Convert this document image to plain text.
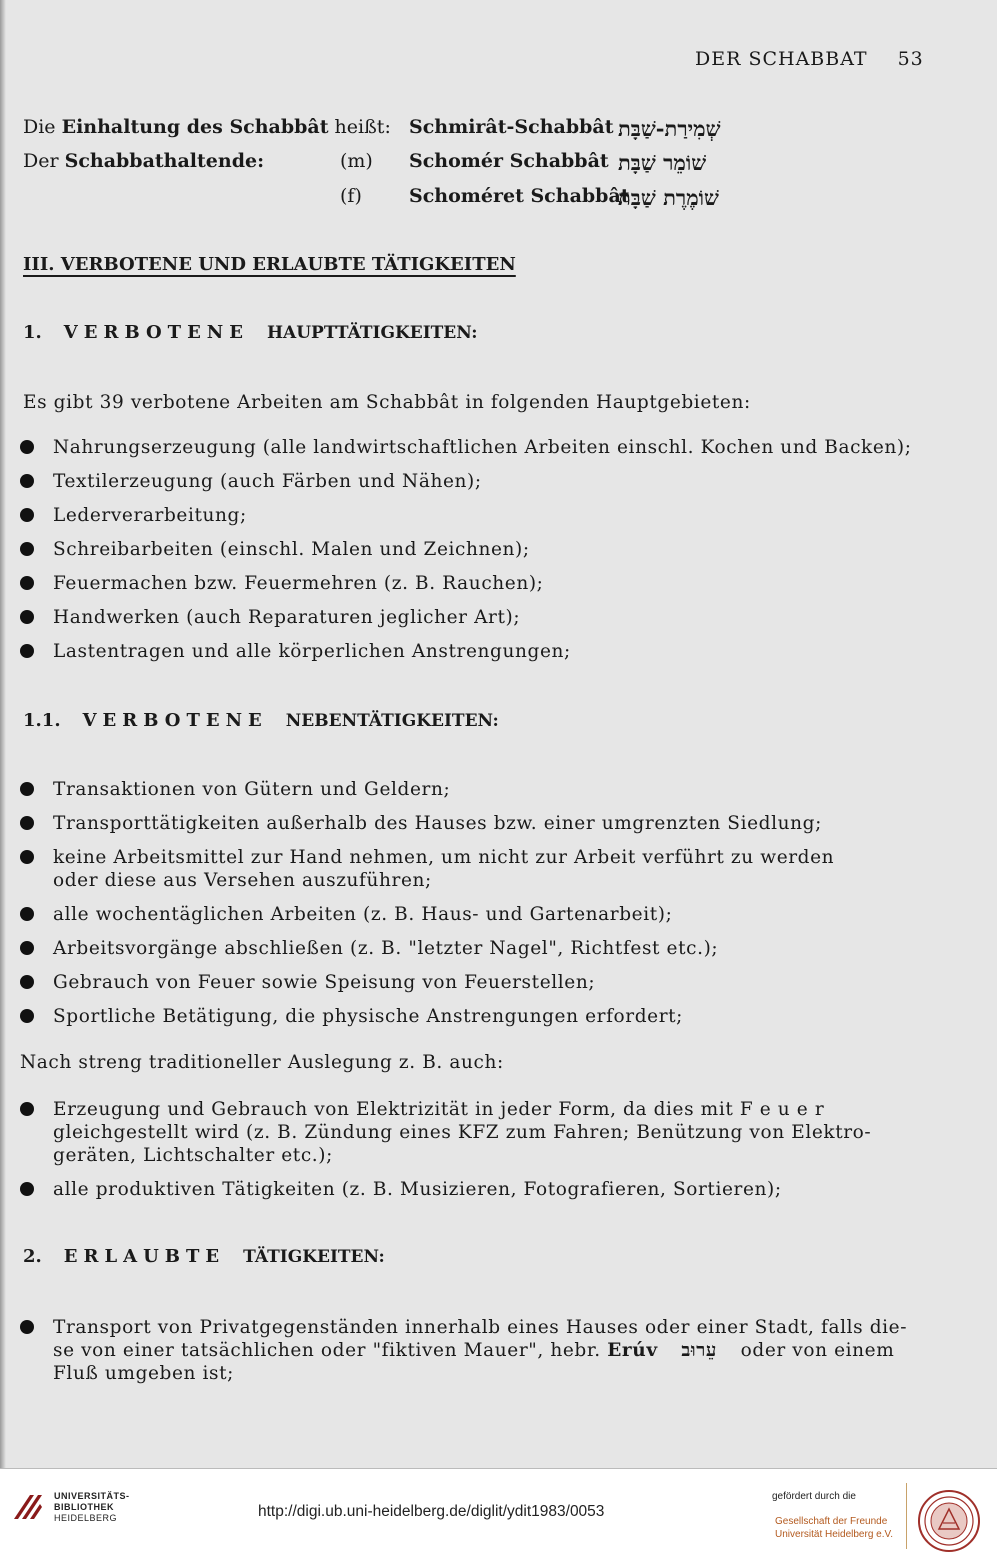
DER SCHABBAT 53
Die Einhaltung des Schabbât heißt: Schmirât-Schabbât שְׁמִירַת-שַׁבָּת
Der Schabbathaltende:	(m) Schomér Schabbât שׁוֹמֵר שַׁבָּת
(f) Schoméret Schabbât
שׁוֹמֶרֶת שַׁבָּת
III. VERBOTENE UND ERLAUBTE TÄTIGKEITEN
1. VERBOTENE HAUPTTÄTIGKEITEN:
Es gibt 39 verbotene Arbeiten am Schabbât in folgenden Hauptgebieten:
Nahrungserzeugung (alle landwirtschaftlichen Arbeiten einschl. Kochen und Backen);
Textilerzeugung (auch Färben und Nähen);
Lederverarbeitung;
Schreibarbeiten (einschl. Malen und Zeichnen);
Feuermachen bzw. Feuermehren (z. B. Rauchen);
Handwerken (auch Reparaturen jeglicher Art);
Lastentragen und alle körperlichen Anstrengungen;
1.1. VERBOTENE NEBENTÄTIGKEITEN:
Transaktionen von Gütern und Geldern;
Transporttätigkeiten außerhalb des Hauses bzw. einer umgrenzten Siedlung;
keine Arbeitsmittel zur Hand nehmen, um nicht zur Arbeit verführt zu werden
oder diese aus Versehen auszuführen;
alle wochentäglichen Arbeiten (z. B. Haus- und Gartenarbeit);
Arbeitsvorgänge abschließen (z. B. "letzter Nagel", Richtfest etc.);
Gebrauch von Feuer sowie Speisung von Feuerstellen;
Sportliche Betätigung, die physische Anstrengungen erfordert;
Nach streng traditioneller Auslegung z. B. auch:
Erzeugung und Gebrauch von Elektrizität in jeder Form, da dies mit F e u e r
gleichgestellt wird (z. B. Zündung eines KFZ zum Fahren; Benützung von Elektro-
geräten, Lichtschalter etc.);
alle produktiven Tätigkeiten (z. B. Musizieren, Fotografieren, Sortieren);
2. ERLAUBTE TÄTIGKEITEN:
Transport von Privatgegenständen innerhalb eines Hauses oder einer Stadt, falls die-
se von einer tatsächlichen oder "fiktiven Mauer", hebr. Erúv עֵרוּב oder von einem
Fluß umgeben ist;
UNIVERSITÄTS-
BIBLIOTHEK
HEIDELBERG	http://digi.ub.uni-heidelberg.de/diglit/ydit1983/0053
gefördert durch die
Gesellschaft der Freunde
Universität Heidelberg e.V.
